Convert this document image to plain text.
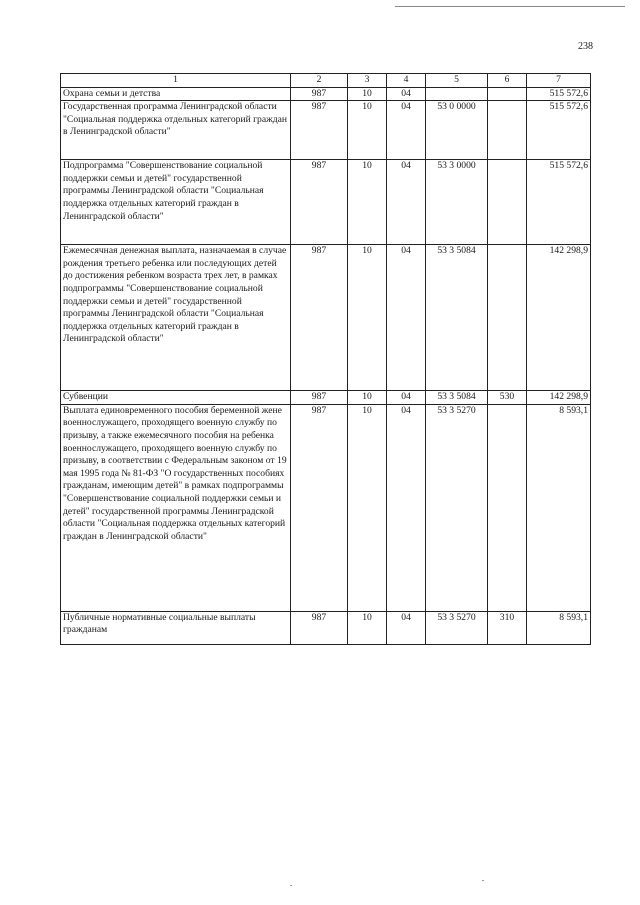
238
1	2	3	4	5	6	7
Охрана семьи и детства	987	10	04			515 572,6
Государственная программа Ленинградской области "Социальная поддержка отдельных категорий граждан в Ленинградской области"	987	10	04	53 0 0000		515 572,6
Подпрограмма "Совершенствование социальной поддержки семьи и детей" государственной программы Ленинградской области "Социальная поддержка отдельных категорий граждан в Ленинградской области"	987	10	04	53 3 0000		515 572,6
Ежемесячная денежная выплата, назначаемая в случае рождения третьего ребенка или последующих детей до достижения ребенком возраста трех лет, в рамках подпрограммы "Совершенствование социальной поддержки семьи и детей" государственной программы Ленинградской области "Социальная поддержка отдельных категорий граждан в Ленинградской области"	987	10	04	53 3 5084		142 298,9
Субвенции	987	10	04	53 3 5084	530	142 298,9
Выплата единовременного пособия беременной жене военнослужащего, проходящего военную службу по призыву, а также ежемесячного пособия на ребенка военнослужащего, проходящего военную службу по призыву, в соответствии с Федеральным законом от 19 мая 1995 года № 81-ФЗ "О государственных пособиях гражданам, имеющим детей" в рамках подпрограммы "Совершенствование социальной поддержки семьи и детей" государственной программы Ленинградской области "Социальная поддержка отдельных категорий граждан в Ленинградской области"	987	10	04	53 3 5270		8 593,1
Публичные нормативные социальные выплаты гражданам	987	10	04	53 3 5270	310	8 593,1
